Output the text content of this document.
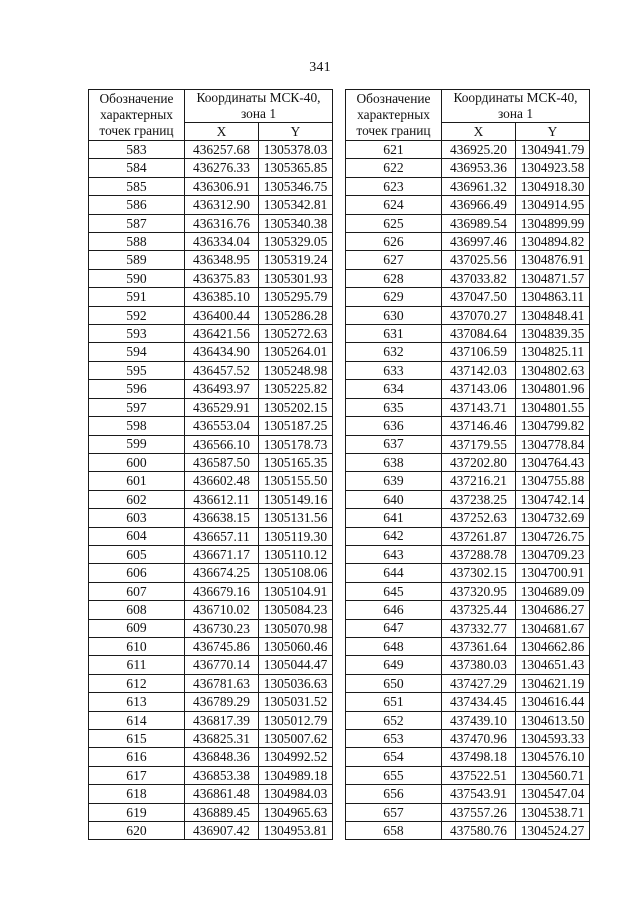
341
Обозначение
характерных
точек границ	Координаты МСК-40,
зона 1	

	X	Y
583	436257.68	1305378.03
584	436276.33	1305365.85
585	436306.91	1305346.75
586	436312.90	1305342.81
587	436316.76	1305340.38
588	436334.04	1305329.05
589	436348.95	1305319.24
590	436375.83	1305301.93
591	436385.10	1305295.79
592	436400.44	1305286.28
593	436421.56	1305272.63
594	436434.90	1305264.01
595	436457.52	1305248.98
596	436493.97	1305225.82
597	436529.91	1305202.15
598	436553.04	1305187.25
599	436566.10	1305178.73
600	436587.50	1305165.35
601	436602.48	1305155.50
602	436612.11	1305149.16
603	436638.15	1305131.56
604	436657.11	1305119.30
605	436671.17	1305110.12
606	436674.25	1305108.06
607	436679.16	1305104.91
608	436710.02	1305084.23
609	436730.23	1305070.98
610	436745.86	1305060.46
611	436770.14	1305044.47
612	436781.63	1305036.63
613	436789.29	1305031.52
614	436817.39	1305012.79
615	436825.31	1305007.62
616	436848.36	1304992.52
617	436853.38	1304989.18
618	436861.48	1304984.03
619	436889.45	1304965.63
620	436907.42	1304953.81
Обозначение
характерных
точек границ	Координаты МСК-40,
зона 1	

	X	Y
621	436925.20	1304941.79
622	436953.36	1304923.58
623	436961.32	1304918.30
624	436966.49	1304914.95
625	436989.54	1304899.99
626	436997.46	1304894.82
627	437025.56	1304876.91
628	437033.82	1304871.57
629	437047.50	1304863.11
630	437070.27	1304848.41
631	437084.64	1304839.35
632	437106.59	1304825.11
633	437142.03	1304802.63
634	437143.06	1304801.96
635	437143.71	1304801.55
636	437146.46	1304799.82
637	437179.55	1304778.84
638	437202.80	1304764.43
639	437216.21	1304755.88
640	437238.25	1304742.14
641	437252.63	1304732.69
642	437261.87	1304726.75
643	437288.78	1304709.23
644	437302.15	1304700.91
645	437320.95	1304689.09
646	437325.44	1304686.27
647	437332.77	1304681.67
648	437361.64	1304662.86
649	437380.03	1304651.43
650	437427.29	1304621.19
651	437434.45	1304616.44
652	437439.10	1304613.50
653	437470.96	1304593.33
654	437498.18	1304576.10
655	437522.51	1304560.71
656	437543.91	1304547.04
657	437557.26	1304538.71
658	437580.76	1304524.27
